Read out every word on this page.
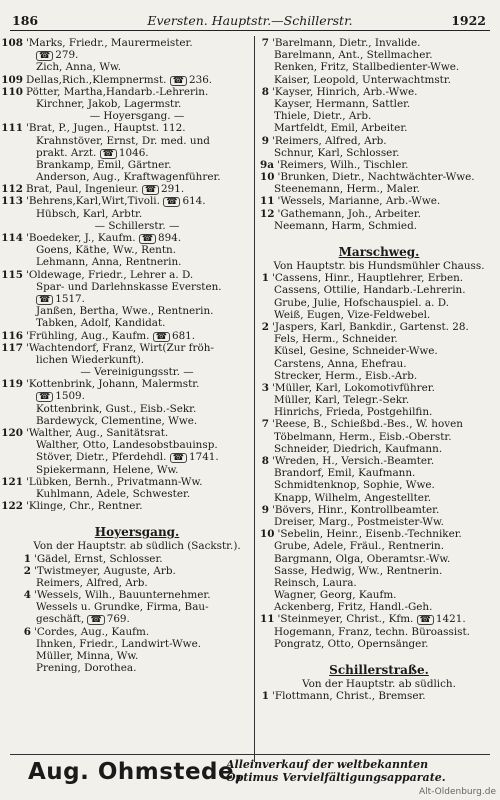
186	Eversten. Hauptstr.—Schillerstr.	1922
108 'Marks, Friedr., Maurermeister.
☎ 279.
Zich, Anna, Ww.
109 Dellas,Rich.,Klempnermst. ☎ 236.
110 Pötter, Martha,Handarb.-Lehrerin.
Kirchner, Jakob, Lagermstr.
— Hoyersgang. —
111 'Brat, P., Jugen., Hauptst. 112.
Krahnstöver, Ernst, Dr. med. und
prakt. Arzt. ☎ 1046.
Brankamp, Emil, Gärtner.
Anderson, Aug., Kraftwagenführer.
112 Brat, Paul, Ingenieur. ☎ 291.
113 'Behrens,Karl,Wirt,Tivoli. ☎ 614.
Hübsch, Karl, Arbtr.
— Schillerstr. —
114 'Boedeker, J., Kaufm. ☎ 894.
Goens, Käthe, Ww., Rentn.
Lehmann, Anna, Rentnerin.
115 'Oldewage, Friedr., Lehrer a. D.
Spar- und Darlehnskasse Eversten.
☎ 1517.
Janßen, Bertha, Wwe., Rentnerin.
Tabken, Adolf, Kandidat.
116 'Frühling, Aug., Kaufm. ☎ 681.
117 'Wachtendorf, Franz, Wirt(Zur fröh-
lichen Wiederkunft).
— Vereinigungsstr. —
119 'Kottenbrink, Johann, Malermstr.
☎ 1509.
Kottenbrink, Gust., Eisb.-Sekr.
Bardewyck, Clementine, Wwe.
120 'Walther, Aug., Sanitätsrat.
Walther, Otto, Landesobstbauinsp.
Stöver, Dietr., Pferdehdl. ☎ 1741.
Spiekermann, Helene, Ww.
121 'Lübken, Bernh., Privatmann-Ww.
Kuhlmann, Adele, Schwester.
122 'Klinge, Chr., Rentner.
Hoyersgang.
Von der Hauptstr. ab südlich (Sackstr.).
1 'Gädel, Ernst, Schlosser.
2 'Twistmeyer, Auguste, Arb.
Reimers, Alfred, Arb.
4 'Wessels, Wilh., Bauunternehmer.
Wessels u. Grundke, Firma, Bau-
geschäft, ☎ 769.
6 'Cordes, Aug., Kaufm.
Ihnken, Friedr., Landwirt-Wwe.
Müller, Minna, Ww.
Prening, Dorothea.
7 'Barelmann, Dietr., Invalide.
Barelmann, Ant., Stellmacher.
Renken, Fritz, Stallbedienter-Wwe.
Kaiser, Leopold, Unterwachtmstr.
8 'Kayser, Hinrich, Arb.-Wwe.
Kayser, Hermann, Sattler.
Thiele, Dietr., Arb.
Martfeldt, Emil, Arbeiter.
9 'Reimers, Alfred, Arb.
Schnur, Karl, Schlosser.
9a 'Reimers, Wilh., Tischler.
10 'Brunken, Dietr., Nachtwächter-Wwe.
Steenemann, Herm., Maler.
11 'Wessels, Marianne, Arb.-Wwe.
12 'Gathemann, Joh., Arbeiter.
Neemann, Harm, Schmied.
Marschweg.
Von Hauptstr. bis Hundsmühler Chauss.
1 'Cassens, Hinr., Hauptlehrer, Erben.
Cassens, Ottilie, Handarb.-Lehrerin.
Grube, Julie, Hofschauspiel. a. D.
Weiß, Eugen, Vize-Feldwebel.
2 'Jaspers, Karl, Bankdir., Gartenst. 28.
Fels, Herm., Schneider.
Küsel, Gesine, Schneider-Wwe.
Carstens, Anna, Ehefrau.
Strecker, Herm., Eisb.-Arb.
3 'Müller, Karl, Lokomotivführer.
Müller, Karl, Telegr.-Sekr.
Hinrichs, Frieda, Postgehilfin.
7 'Reese, B., Schießbd.-Bes., W. hoven
Töbelmann, Herm., Eisb.-Oberstr.
Schneider, Diedrich, Kaufmann.
8 'Wreden, H., Versich.-Beamter.
Brandorf, Emil, Kaufmann.
Schmidtenknop, Sophie, Wwe.
Knapp, Wilhelm, Angestellter.
9 'Bövers, Hinr., Kontrollbeamter.
Dreiser, Marg., Postmeister-Ww.
10 'Sebelin, Heinr., Eisenb.-Techniker.
Grube, Adele, Fräul., Rentnerin.
Bargmann, Olga, Oberamtsr.-Ww.
Sasse, Hedwig, Ww., Rentnerin.
Reinsch, Laura.
Wagner, Georg, Kaufm.
Ackenberg, Fritz, Handl.-Geh.
11 'Steinmeyer, Christ., Kfm. ☎ 1421.
Hogemann, Franz, techn. Büroassist.
Pongratz, Otto, Opernsänger.
Schillerstraße.
Von der Hauptstr. ab südlich.
1 'Flottmann, Christ., Bremser.
Aug. Ohmstede,
Alleinverkauf der weltbekannten
Optimus Vervielfältigungsapparate.
Alt-Oldenburg.de
